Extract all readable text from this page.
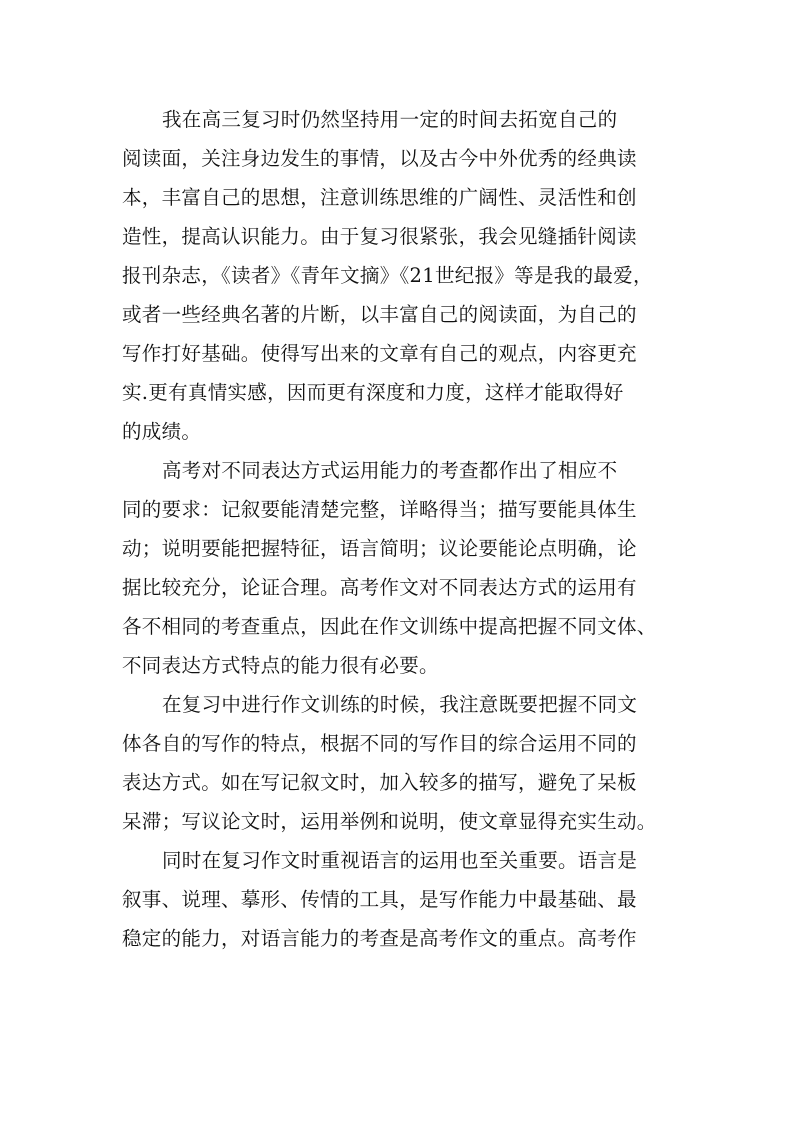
我在高三复习时仍然坚持用一定的时间去拓宽自己的
阅读面，关注身边发生的事情，以及古今中外优秀的经典读
本，丰富自己的思想，注意训练思维的广阔性、灵活性和创
造性，提高认识能力。由于复习很紧张，我会见缝插针阅读
报刊杂志，《读者》《青年文摘》《21世纪报》等是我的最爱，
或者一些经典名著的片断，以丰富自己的阅读面，为自己的
写作打好基础。使得写出来的文章有自己的观点，内容更充
实.更有真情实感，因而更有深度和力度，这样才能取得好
的成绩。
高考对不同表达方式运用能力的考查都作出了相应不
同的要求：记叙要能清楚完整，详略得当；描写要能具体生
动；说明要能把握特征，语言简明；议论要能论点明确，论
据比较充分，论证合理。高考作文对不同表达方式的运用有
各不相同的考查重点，因此在作文训练中提高把握不同文体、
不同表达方式特点的能力很有必要。
在复习中进行作文训练的时候，我注意既要把握不同文
体各自的写作的特点，根据不同的写作目的综合运用不同的
表达方式。如在写记叙文时，加入较多的描写，避免了呆板
呆滞；写议论文时，运用举例和说明，使文章显得充实生动。
同时在复习作文时重视语言的运用也至关重要。语言是
叙事、说理、摹形、传情的工具，是写作能力中最基础、最
稳定的能力，对语言能力的考查是高考作文的重点。高考作
